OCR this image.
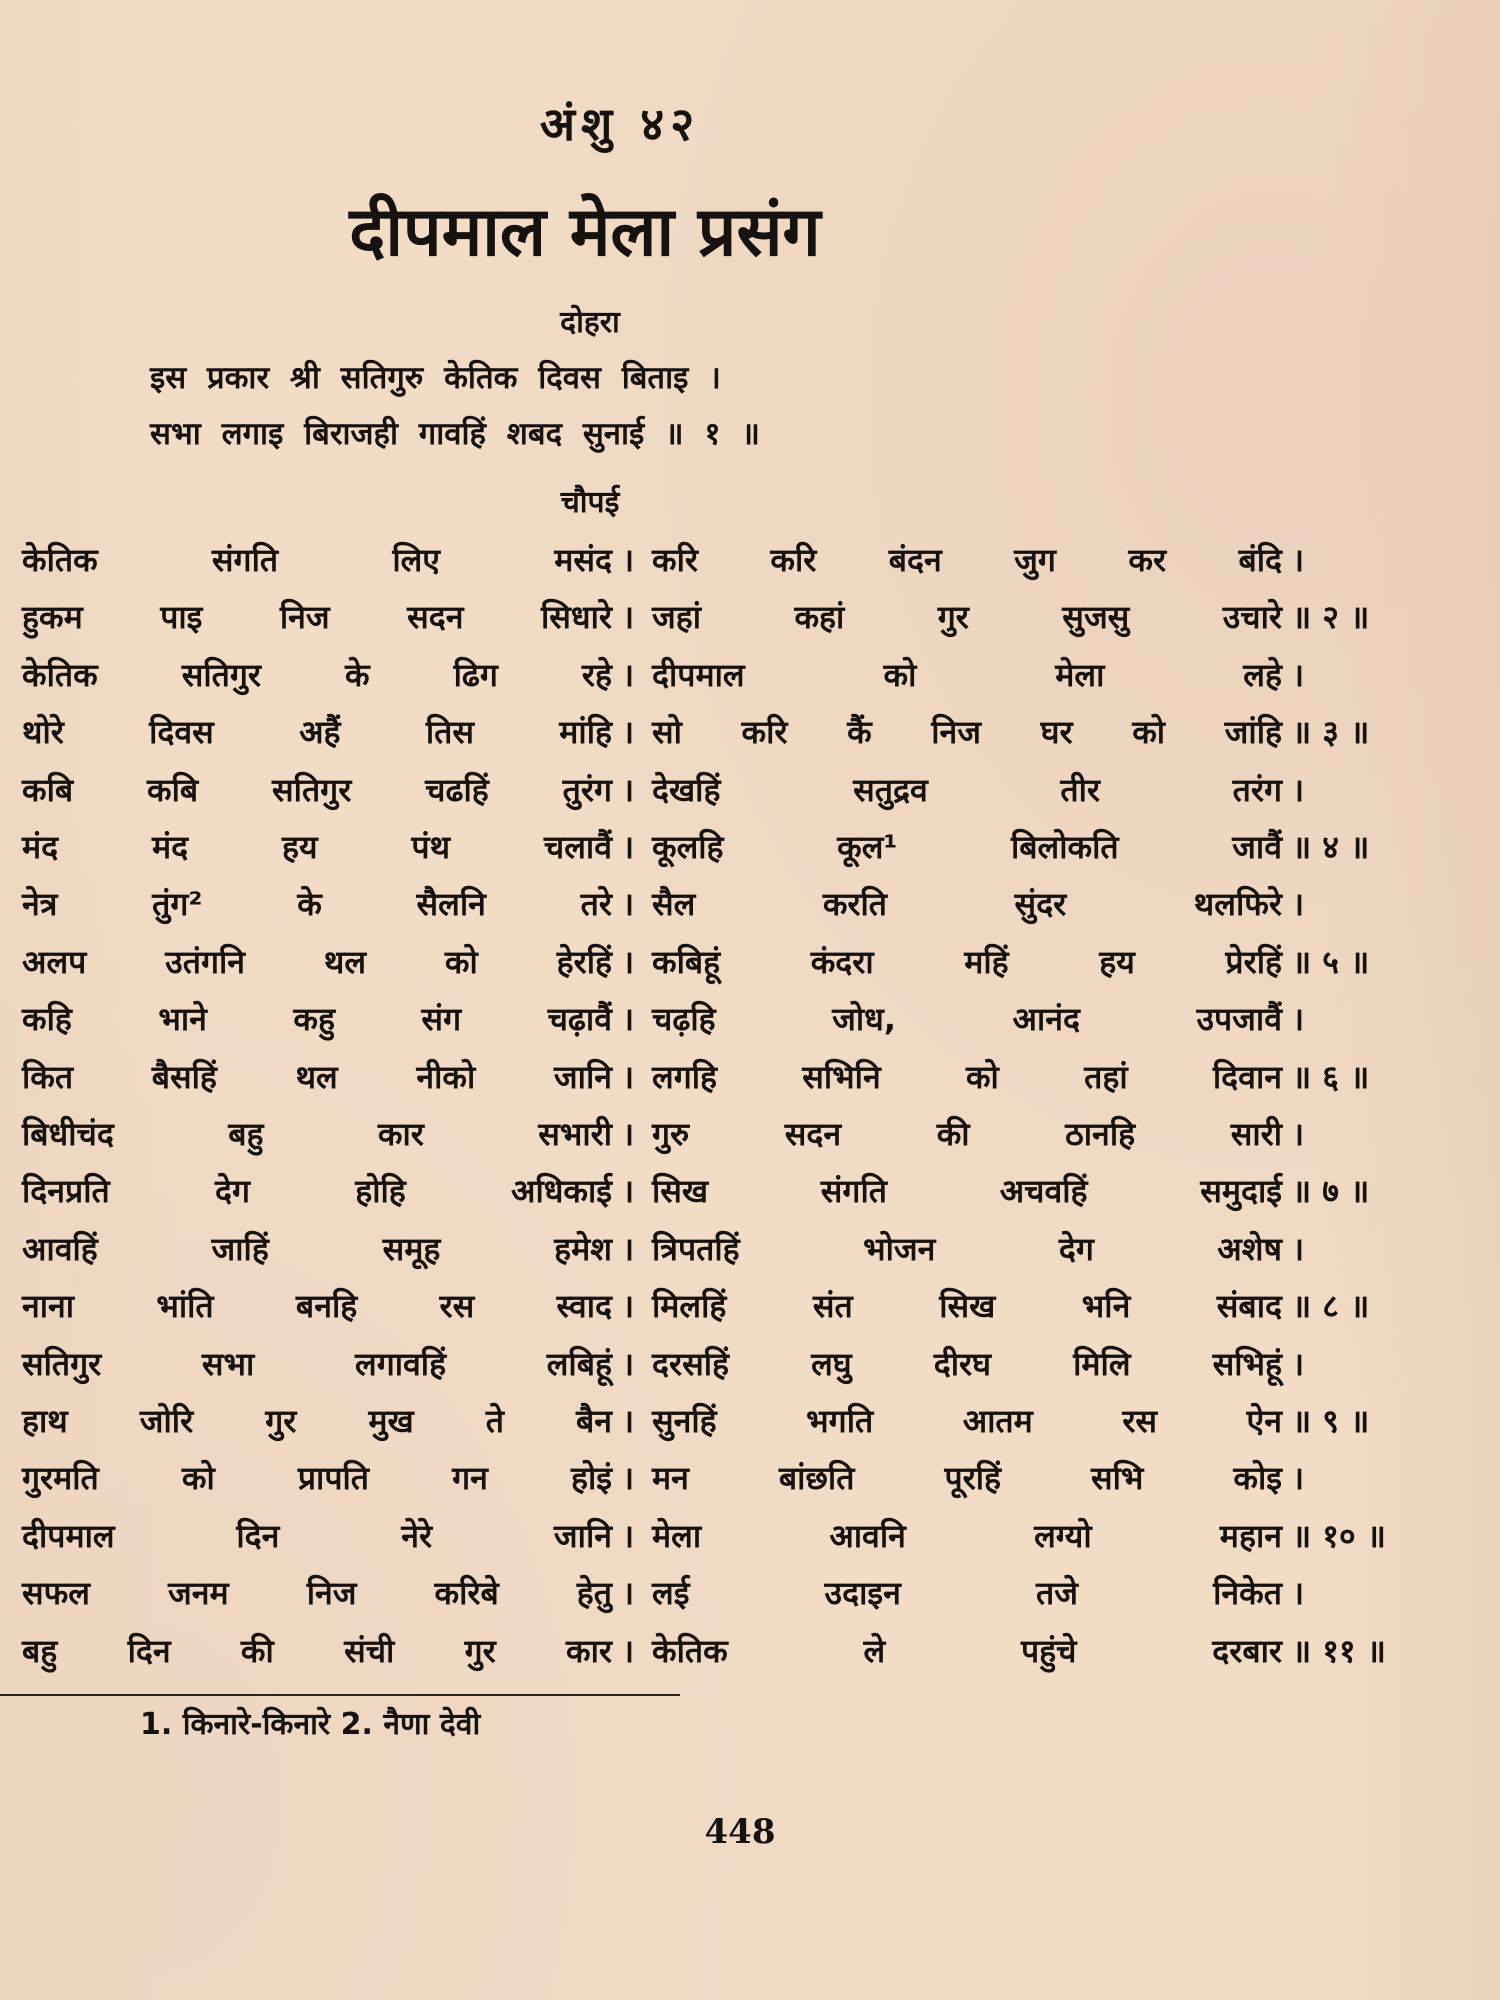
अंशु ४२
दीपमाल मेला प्रसंग
दोहरा
इस प्रकार श्री सतिगुरु केतिक दिवस बिताइ ।
सभा लगाइ बिराजही गावहिं शबद सुनाई ॥ १ ॥
चौपई
केतिक संगति लिए मसंद । करि करि बंदन जुग कर बंदि ।
हुकम पाइ निज सदन सिधारे । जहां कहां गुर सुजसु उचारे ॥ २ ॥
केतिक सतिगुर के ढिग रहे । दीपमाल को मेला लहे ।
थोरे दिवस अहैं तिस मांहि । सो करि कैं निज घर को जांहि ॥ ३ ॥
कबि कबि सतिगुर चढहिं तुरंग । देखहिं सतुद्रव तीर तरंग ।
मंद मंद हय पंथ चलावैं । कूलहि कूल¹ बिलोकति जावैं ॥ ४ ॥
नेत्र तुंग² के सैलनि तरे । सैल करति सुंदर थलफिरे ।
अलप उतंगनि थल को हेरहिं । कबिहूं कंदरा महिं हय प्रेरहिं ॥ ५ ॥
कहि भाने कहु संग चढ़ावैं । चढ़हि जोध, आनंद उपजावैं ।
कित बैसहिं थल नीको जानि । लगहि सभिनि को तहां दिवान ॥ ६ ॥
बिधीचंद बहु कार सभारी । गुरु सदन की ठानहि सारी ।
दिनप्रति देग होहि अधिकाई । सिख संगति अचवहिं समुदाई ॥ ७ ॥
आवहिं जाहिं समूह हमेश । त्रिपतहिं भोजन देग अशेष ।
नाना भांति बनहि रस स्वाद । मिलहिं संत सिख भनि संबाद ॥ ८ ॥
सतिगुर सभा लगावहिं लबिहूं । दरसहिं लघु दीरघ मिलि सभिहूं ।
हाथ जोरि गुर मुख ते बैन । सुनहिं भगति आतम रस ऐन ॥ ९ ॥
गुरमति को प्रापति गन होइं । मन बांछति पूरहिं सभि कोइ ।
दीपमाल दिन नेरे जानि । मेला आवनि लग्यो महान ॥ १० ॥
सफल जनम निज करिबे हेतु । लई उदाइन तजे निकेत ।
बहु दिन की संची गुर कार । केतिक ले पहुंचे दरबार ॥ ११ ॥
1. किनारे-किनारे 2. नैणा देवी
448
